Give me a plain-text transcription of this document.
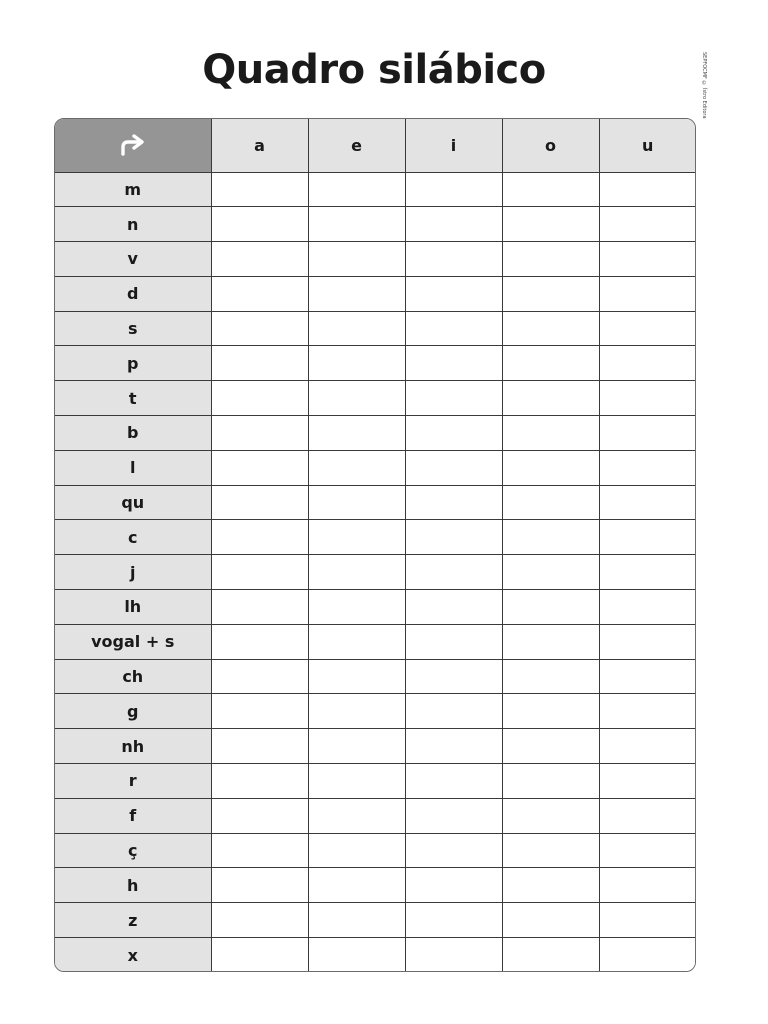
Quadro silábico	SEPFOCMF © Ístro Editora
	a	e	i	o	u
m					
n					
v					
d					
s					
p					
t					
b					
l					
qu					
c					
j					
lh					
vogal + s					
ch					
g					
nh					
r					
f					
ç					
h					
z					
x					
